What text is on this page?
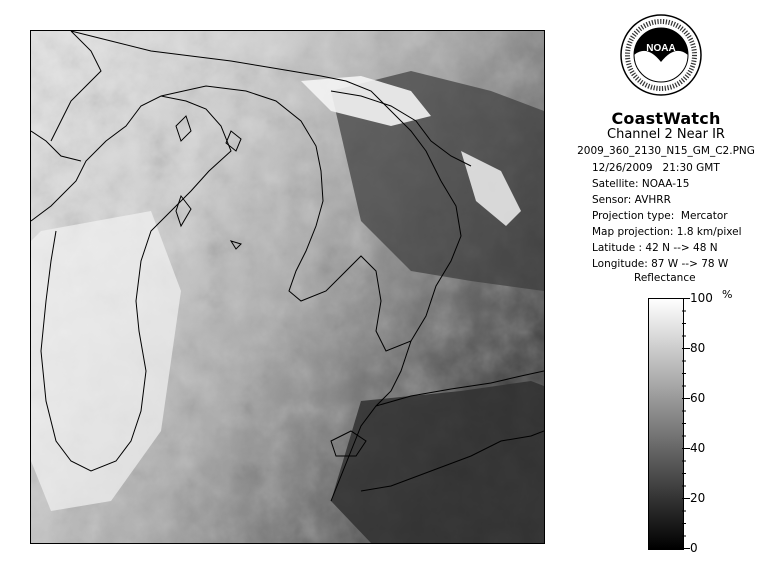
NOAA
CoastWatch
Channel 2 Near IR
2009_360_2130_N15_GM_C2.PNG
12/26/2009 21:30 GMT
Satellite: NOAA-15
Sensor: AVHRR
Projection type:  Mercator
Map projection: 1.8 km/pixel
Latitude : 42 N --> 48 N
Longitude: 87 W --> 78 W
Reflectance
%
100
80
60
40
20
0
